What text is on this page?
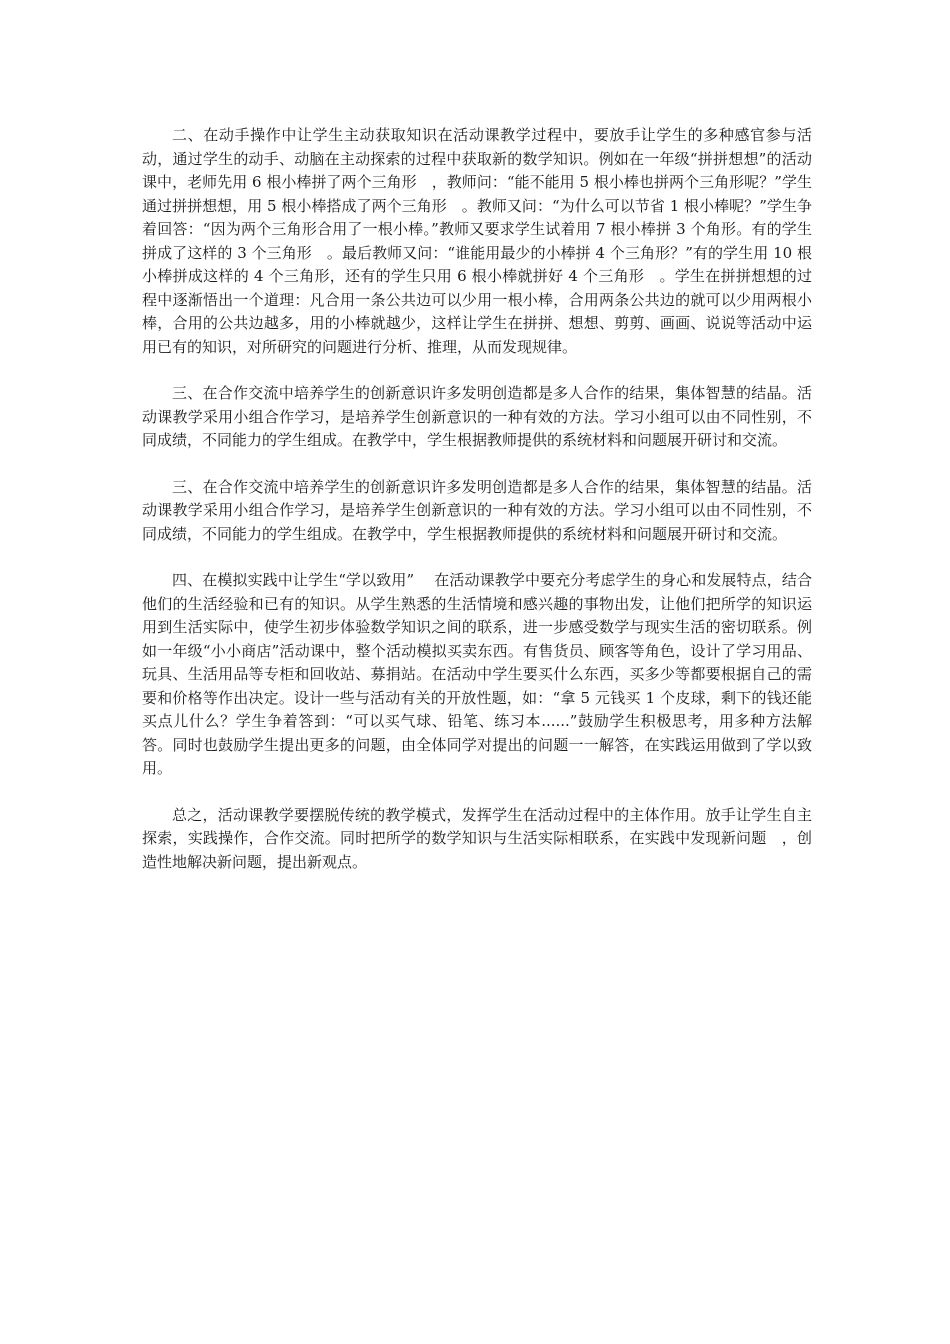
二、在动手操作中让学生主动获取知识在活动课教学过程中，要放手让学生的多种感官参与活动，通过学生的动手、动脑在主动探索的过程中获取新的数学知识。例如在一年级“拼拼想想”的活动课中，老师先用 6 根小棒拼了两个三角形　，教师问：“能不能用 5 根小棒也拼两个三角形呢？”学生通过拼拼想想，用 5 根小棒搭成了两个三角形　。教师又问：“为什么可以节省 1 根小棒呢？”学生争着回答：“因为两个三角形合用了一根小棒。”教师又要求学生试着用 7 根小棒拼 3 个角形。有的学生拼成了这样的 3 个三角形　。最后教师又问：“谁能用最少的小棒拼 4 个三角形？”有的学生用 10 根小棒拼成这样的 4 个三角形，还有的学生只用 6 根小棒就拼好 4 个三角形　。学生在拼拼想想的过程中逐渐悟出一个道理：凡合用一条公共边可以少用一根小棒，合用两条公共边的就可以少用两根小棒，合用的公共边越多，用的小棒就越少，这样让学生在拼拼、想想、剪剪、画画、说说等活动中运用已有的知识，对所研究的问题进行分析、推理，从而发现规律。

三、在合作交流中培养学生的创新意识许多发明创造都是多人合作的结果，集体智慧的结晶。活动课教学采用小组合作学习，是培养学生创新意识的一种有效的方法。学习小组可以由不同性别，不同成绩，不同能力的学生组成。在教学中，学生根据教师提供的系统材料和问题展开研讨和交流。

三、在合作交流中培养学生的创新意识许多发明创造都是多人合作的结果，集体智慧的结晶。活动课教学采用小组合作学习，是培养学生创新意识的一种有效的方法。学习小组可以由不同性别，不同成绩，不同能力的学生组成。在教学中，学生根据教师提供的系统材料和问题展开研讨和交流。

四、在模拟实践中让学生“学以致用”　 在活动课教学中要充分考虑学生的身心和发展特点，结合他们的生活经验和已有的知识。从学生熟悉的生活情境和感兴趣的事物出发，让他们把所学的知识运用到生活实际中，使学生初步体验数学知识之间的联系，进一步感受数学与现实生活的密切联系。例如一年级“小小商店”活动课中，整个活动模拟买卖东西。有售货员、顾客等角色，设计了学习用品、玩具、生活用品等专柜和回收站、募捐站。在活动中学生要买什么东西，买多少等都要根据自己的需要和价格等作出决定。设计一些与活动有关的开放性题，如：“拿 5 元钱买 1 个皮球，剩下的钱还能买点儿什么？学生争着答到：“可以买气球、铅笔、练习本......”鼓励学生积极思考，用多种方法解答。同时也鼓励学生提出更多的问题，由全体同学对提出的问题一一解答，在实践运用做到了学以致用。

总之，活动课教学要摆脱传统的教学模式，发挥学生在活动过程中的主体作用。放手让学生自主探索，实践操作，合作交流。同时把所学的数学知识与生活实际相联系，在实践中发现新问题　，创造性地解决新问题，提出新观点。
